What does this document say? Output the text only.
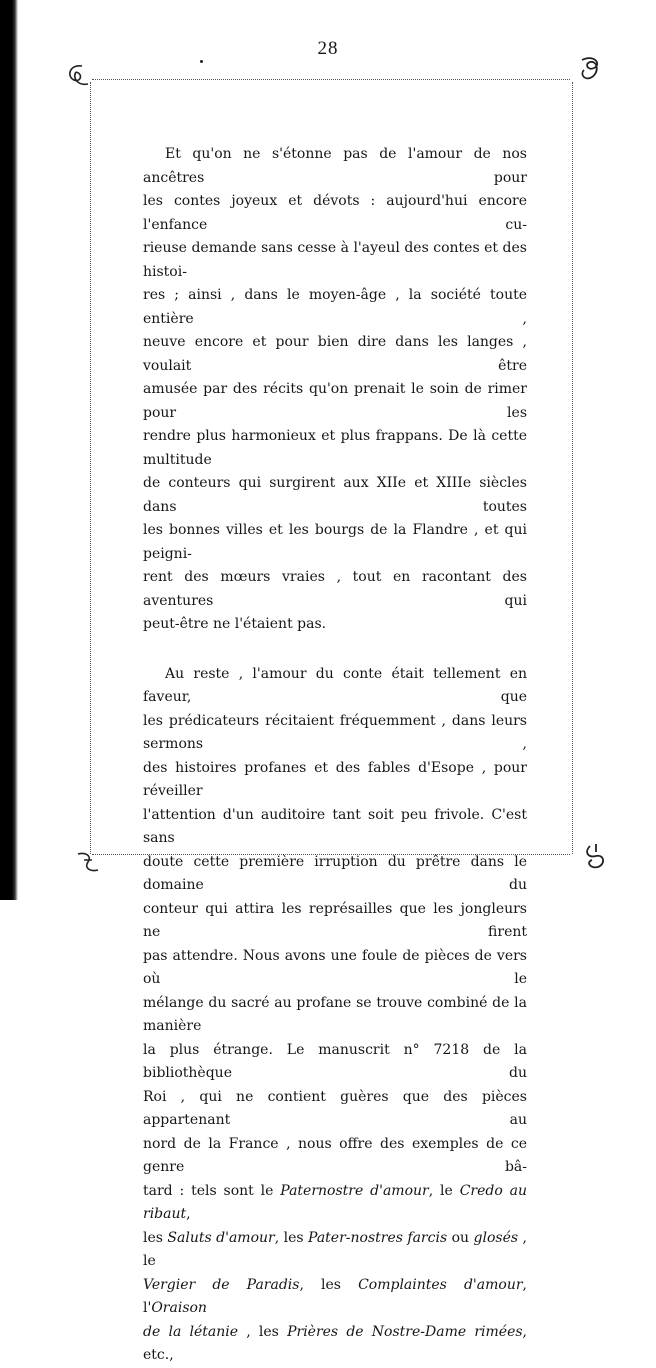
28

Et qu'on ne s'étonne pas de l'amour de nos ancêtres pour

les contes joyeux et dévots : aujourd'hui encore l'enfance cu-

rieuse demande sans cesse à l'ayeul des contes et des histoi-

res ; ainsi , dans le moyen-âge , la société toute entière ,

neuve encore et pour bien dire dans les langes , voulait être

amusée par des récits qu'on prenait le soin de rimer pour les

rendre plus harmonieux et plus frappans. De là cette multitude

de conteurs qui surgirent aux XIIe et XIIIe siècles dans toutes

les bonnes villes et les bourgs de la Flandre , et qui peigni-

rent des mœurs vraies , tout en racontant des aventures qui

peut-être ne l'étaient pas.

Au reste , l'amour du conte était tellement en faveur, que

les prédicateurs récitaient fréquemment , dans leurs sermons ,

des histoires profanes et des fables d'Esope , pour réveiller

l'attention d'un auditoire tant soit peu frivole. C'est sans

doute cette première irruption du prêtre dans le domaine du

conteur qui attira les représailles que les jongleurs ne firent

pas attendre. Nous avons une foule de pièces de vers où le

mélange du sacré au profane se trouve combiné de la manière

la plus étrange. Le manuscrit n° 7218 de la bibliothèque du

Roi , qui ne contient guères que des pièces appartenant au

nord de la France , nous offre des exemples de ce genre bâ-

tard : tels sont le Paternostre d'amour, le Credo au ribaut,

les Saluts d'amour, les Pater-nostres farcis ou glosés , le

Vergier de Paradis, les Complaintes d'amour, l'Oraison

de la létanie , les Prières de Nostre-Dame rimées, etc.,
